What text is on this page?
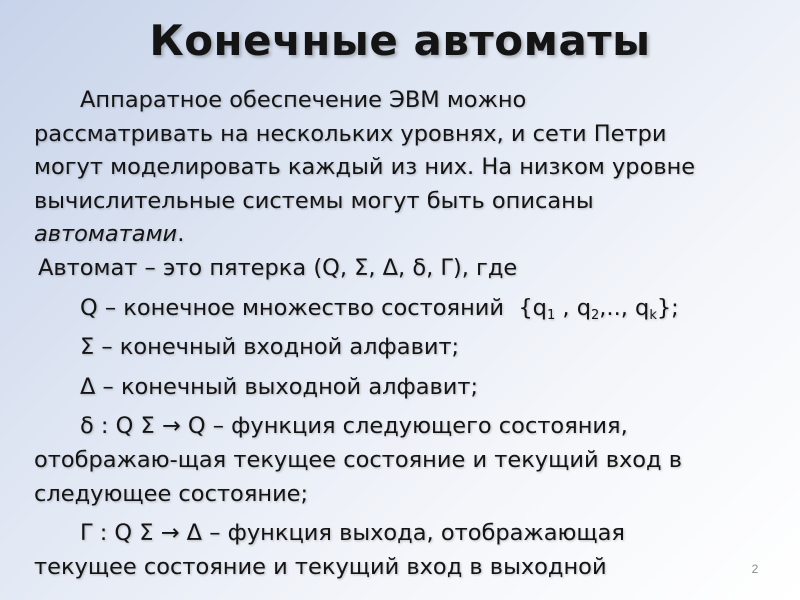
Конечные автоматы
Аппаратное обеспечение ЭВМ можно
рассматривать на нескольких уровнях, и сети Петри
могут моделировать каждый из них. На низком уровне
вычислительные системы могут быть описаны
автоматами.
Автомат – это пятерка (Q, Σ, Δ, δ, Γ), где
Q – конечное множество состояний {$q_1$ , $q_2$,.., $q_k$};
Σ – конечный входной алфавит;
Δ – конечный выходной алфавит;
δ : Q Σ → Q – функция следующего состояния,
отображаю-щая текущее состояние и текущий вход в
следующее состояние;
Γ : Q Σ → Δ – функция выхода, отображающая
текущее состояние и текущий вход в выходной	2
